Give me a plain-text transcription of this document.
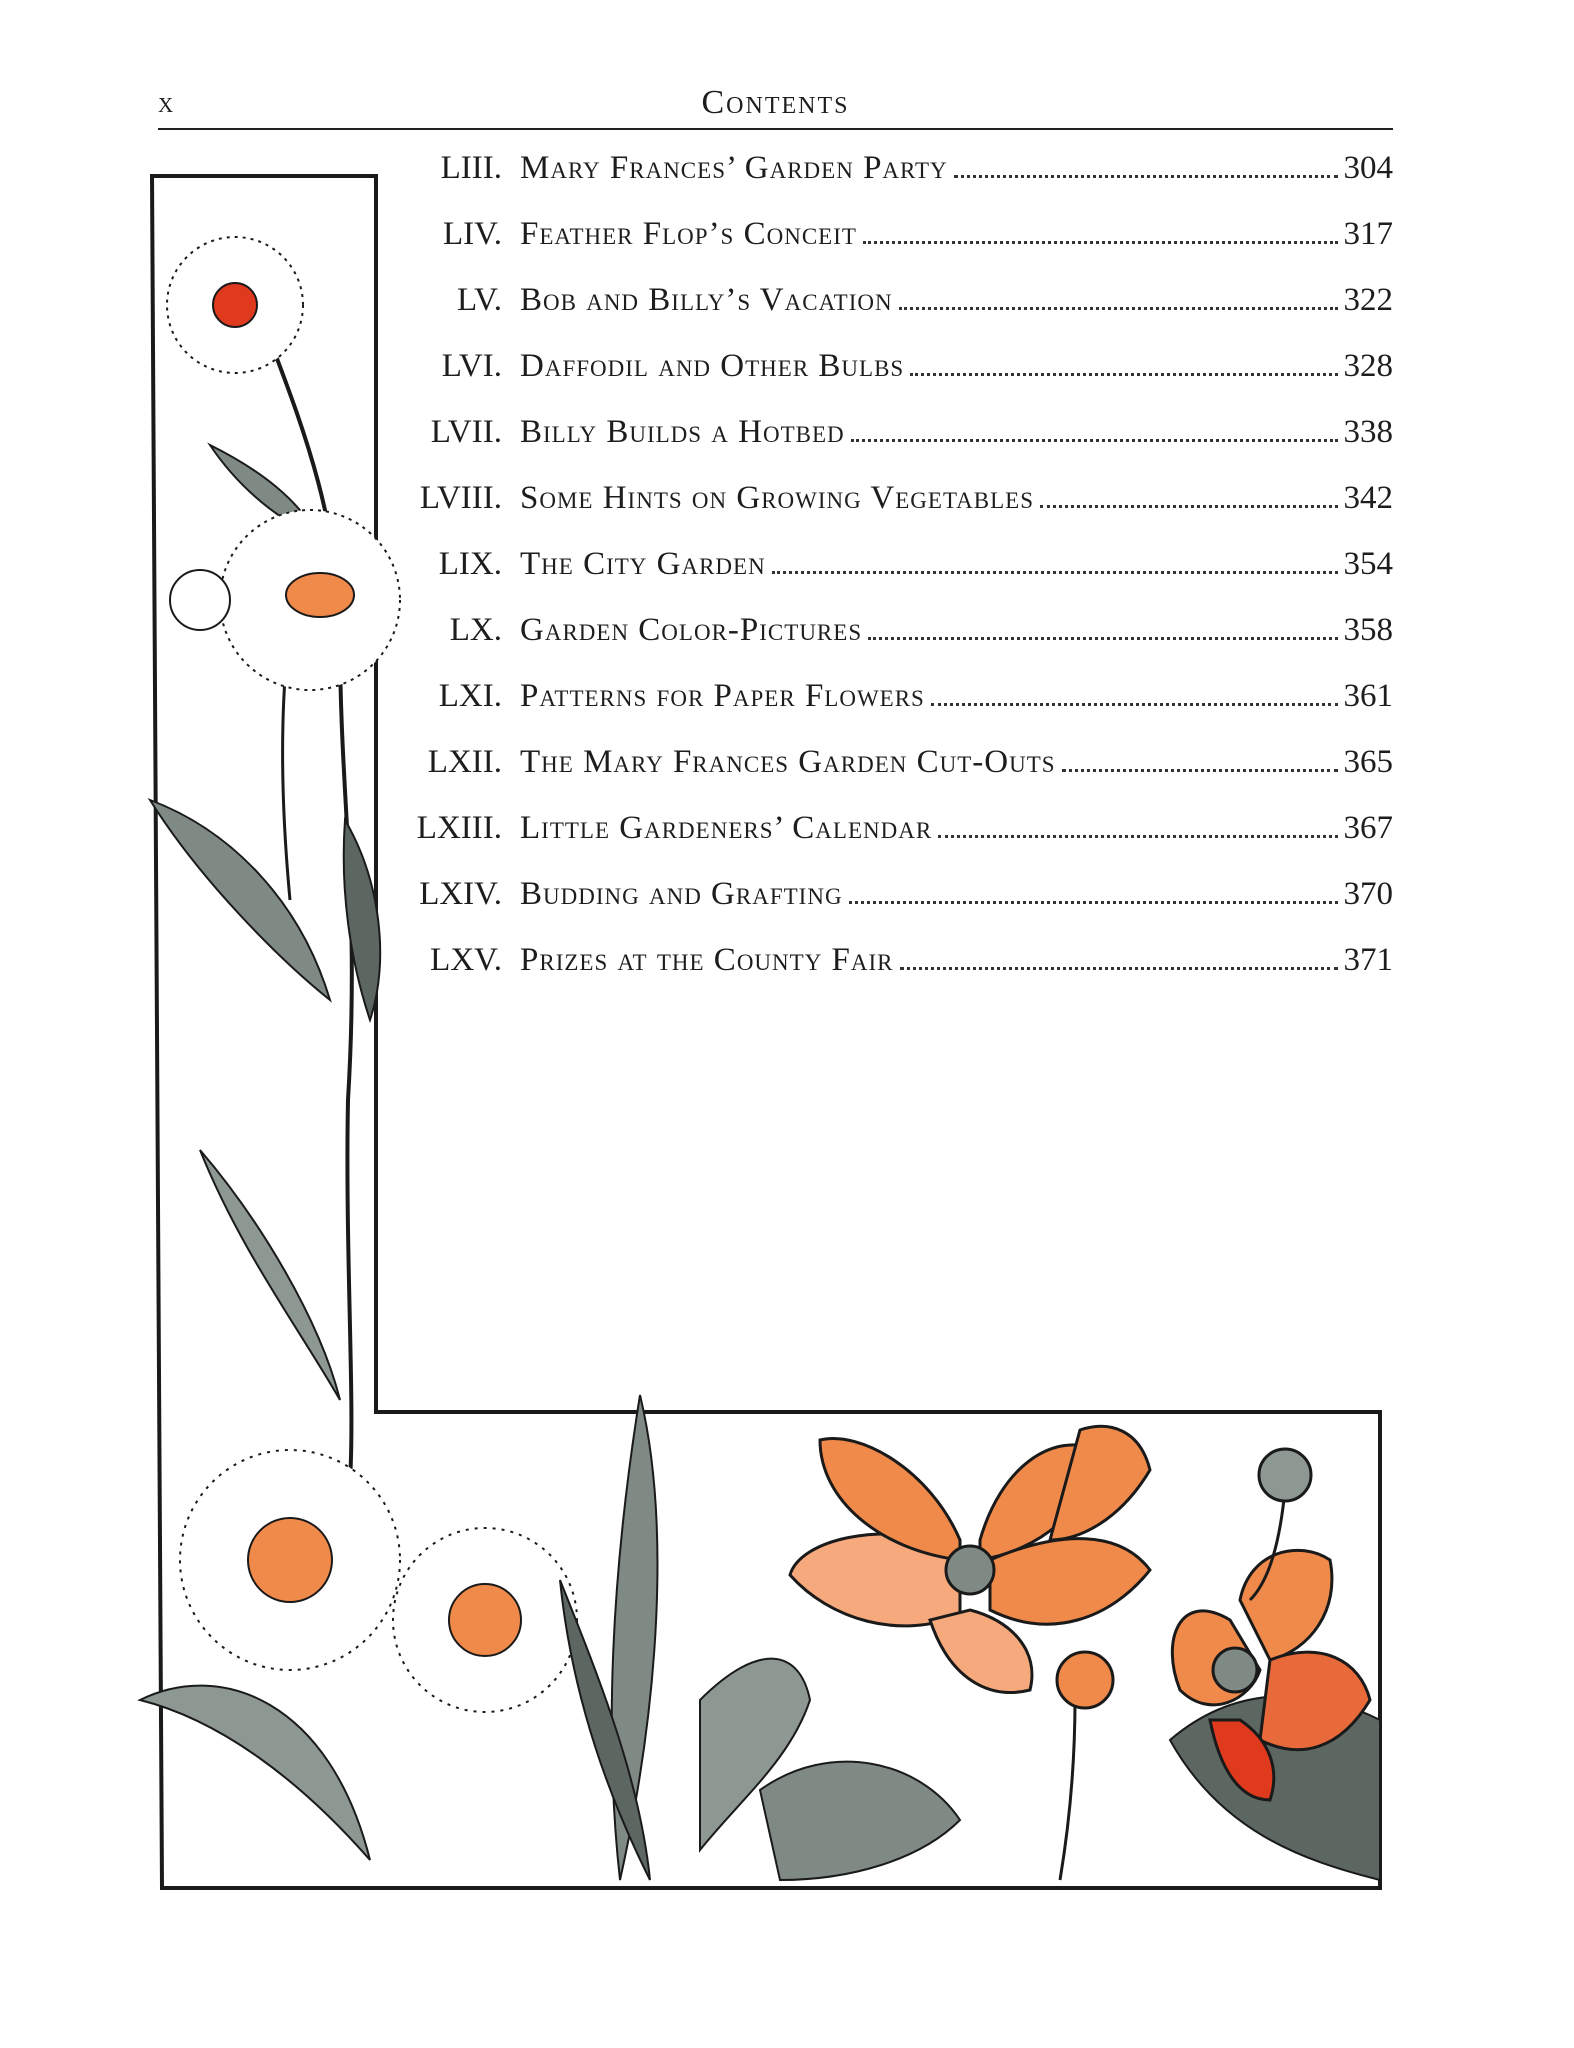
x	Contents
LIII. Mary Frances’ Garden Party	304
LIV. Feather Flop’s Conceit	317
LV. Bob and Billy’s Vacation	322
LVI. Daffodil and Other Bulbs	328
LVII. Billy Builds a Hotbed	338
LVIII. Some Hints on Growing Vegetables	342
LIX. The City Garden	354
LX. Garden Color-Pictures	358
LXI. Patterns for Paper Flowers	361
LXII. The Mary Frances Garden Cut-Outs	365
LXIII. Little Gardeners’ Calendar	367
LXIV. Budding and Grafting	370
LXV. Prizes at the County Fair	371
